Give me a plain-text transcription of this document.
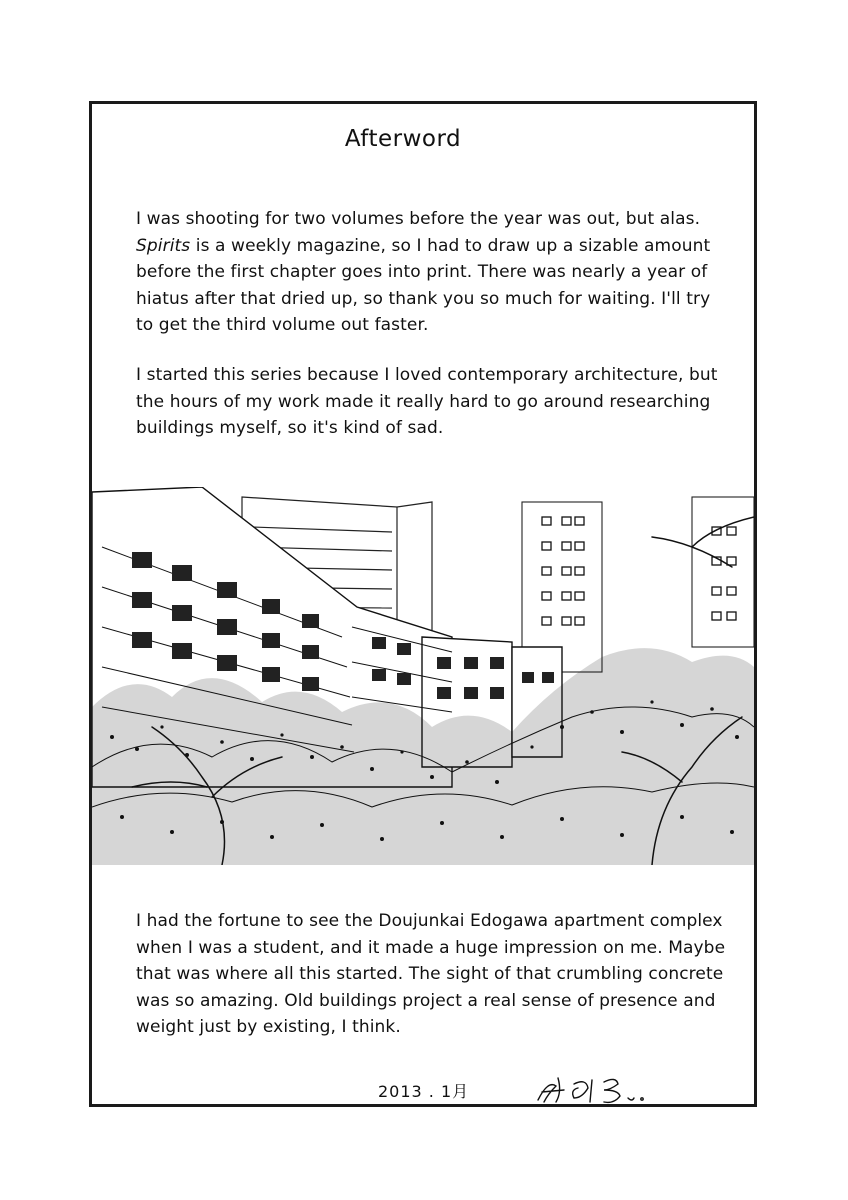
Afterword

I was shooting for two volumes before the year was out, but alas. Spirits is a weekly magazine, so I had to draw up a sizable amount before the first chapter goes into print. There was nearly a year of hiatus after that dried up, so thank you so much for waiting. I'll try to get the third volume out faster.

I started this series because I loved contemporary architecture, but the hours of my work made it really hard to go around researching buildings myself, so it's kind of sad.

I had the fortune to see the Doujunkai Edogawa apartment complex when I was a student, and it made a huge impression on me. Maybe that was where all this started. The sight of that crumbling concrete was so amazing. Old buildings project a real sense of presence and weight just by existing, I think.

2013 . 1月
signature
